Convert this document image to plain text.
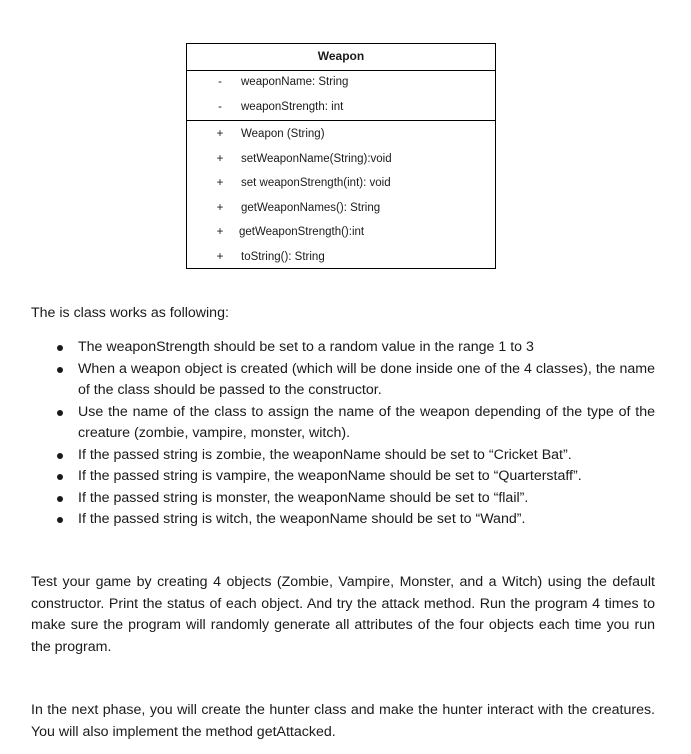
Weapon
- weaponName: String
- weaponStrength: int
+ Weapon (String)
+ setWeaponName(String):void
+ set weaponStrength(int): void
+ getWeaponNames(): String
+ getWeaponStrength():int
+ toString(): String
The is class works as following:
The weaponStrength should be set to a random value in the range 1 to 3
When a weapon object is created (which will be done inside one of the 4 classes), the name of the class should be passed to the constructor.
Use the name of the class to assign the name of the weapon depending of the type of the creature (zombie, vampire, monster, witch).
If the passed string is zombie, the weaponName should be set to “Cricket Bat”.
If the passed string is vampire, the weaponName should be set to “Quarterstaff”.
If the passed string is monster, the weaponName should be set to “flail”.
If the passed string is witch, the weaponName should be set to “Wand”.
Test your game by creating 4 objects (Zombie, Vampire, Monster, and a Witch) using the default constructor. Print the status of each object. And try the attack method. Run the program 4 times to make sure the program will randomly generate all attributes of the four objects each time you run the program.
In the next phase, you will create the hunter class and make the hunter interact with the creatures. You will also implement the method getAttacked.
